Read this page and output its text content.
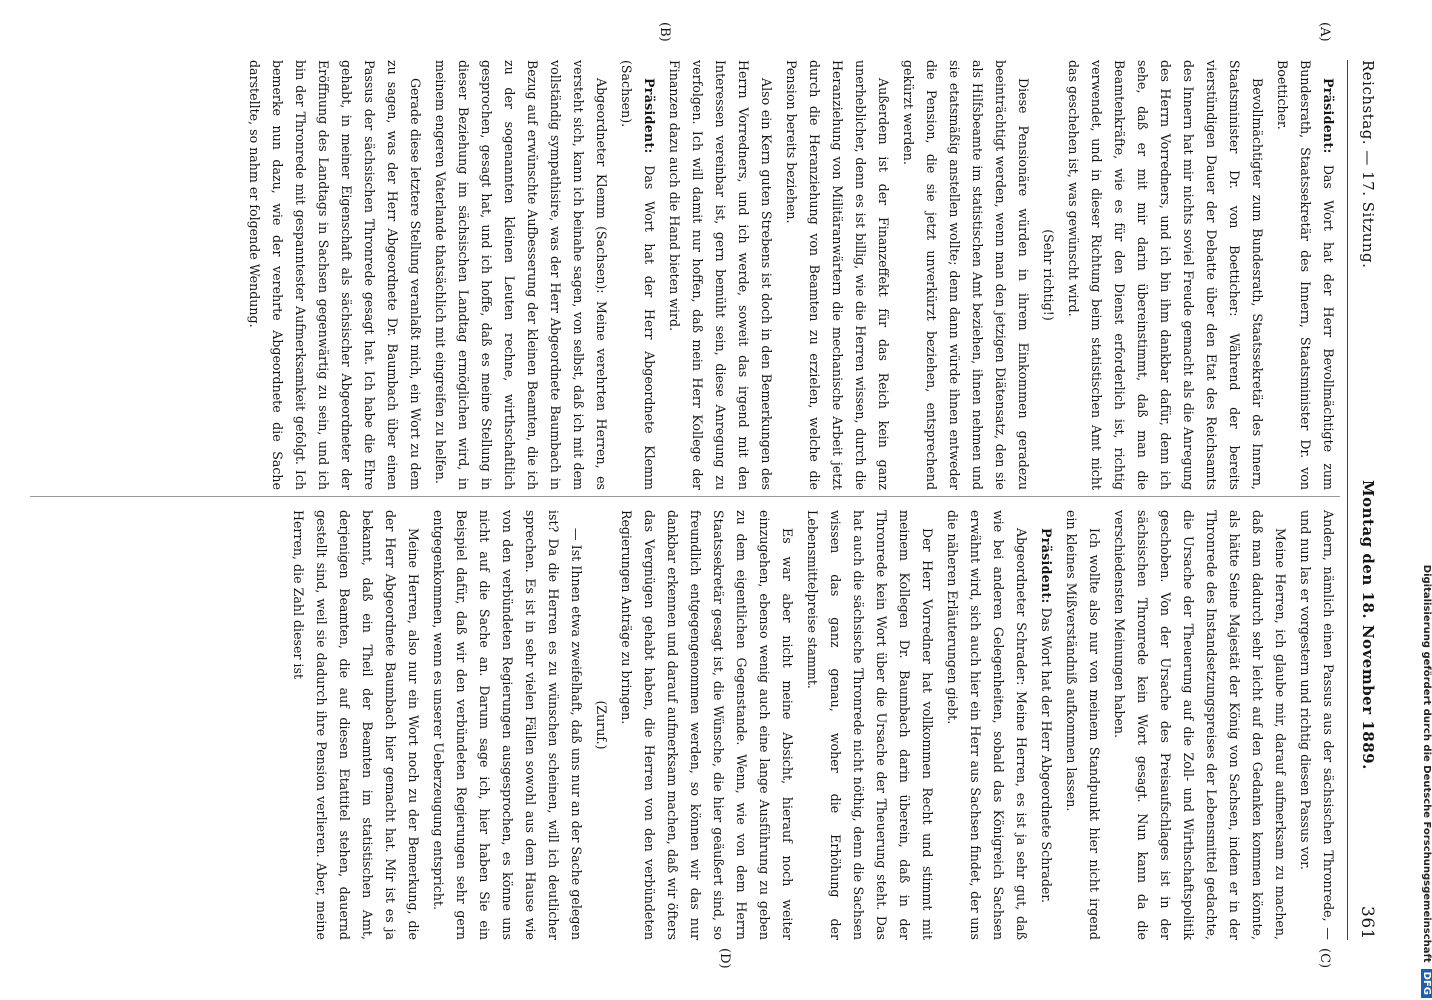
Reichstag. — 17. Sitzung.
Montag den 18. November 1889.
361
(A)
(B)
(C)
(D)

Präsident: Das Wort hat der Herr Bevollmächtigte zum Bundesrath, Staatssekretär des Innern, Staatsminister Dr. von Boetticher.

Bevollmächtigter zum Bundesrath, Staatssekretär des Innern, Staatsminister Dr. von Boetticher: Während der bereits vierstündigen Dauer der Debatte über den Etat des Reichsamts des Innern hat mir nichts soviel Freude gemacht als die Anregung des Herrn Vorredners, und ich bin ihm dankbar dafür, denn ich sehe, daß er mit mir darin übereinstimmt, daß man die Beamtenkräfte, wie es für den Dienst erforderlich ist, richtig verwendet, und in dieser Richtung beim statistischen Amt nicht das geschehen ist, was gewünscht wird.

(Sehr richtig!)

Diese Pensionäre würden in ihrem Einkommen geradezu beeinträchtigt werden, wenn man den jetzigen Diätensatz, den sie als Hilfsbeamte im statistischen Amt beziehen, ihnen nehmen und sie etatsmäßig anstellen wollte; denn dann würde ihnen entweder die Pension, die sie jetzt unverkürzt beziehen, entsprechend gekürzt werden.

Außerdem ist der Finanzeffekt für das Reich kein ganz unerheblicher, denn es ist billig, wie die Herren wissen, durch die Heranziehung von Militäranwärtern die mechanische Arbeit jetzt durch die Heranziehung von Beamten zu erzielen, welche die Pension bereits beziehen.

Also ein Kern guten Strebens ist doch in den Bemerkungen des Herrn Vorredners, und ich werde, soweit das irgend mit den Interessen vereinbar ist, gern bemüht sein, diese Anregung zu verfolgen. Ich will damit nur hoffen, daß mein Herr Kollege der Finanzen dazu auch die Hand bieten wird.

Präsident: Das Wort hat der Herr Abgeordnete Klemm (Sachsen).

Abgeordneter Klemm (Sachsen): Meine verehrten Herren, es versteht sich, kann ich beinahe sagen, von selbst, daß ich mit dem vollständig sympathisire, was der Herr Abgeordnete Baumbach in Bezug auf erwünschte Aufbesserung der kleinen Beamten, die ich zu der sogenannten kleinen Leuten rechne, wirthschaftlich gesprochen, gesagt hat, und ich hoffe, daß es meine Stellung in dieser Beziehung im sächsischen Landtag ermöglichen wird, in meinem engeren Vaterlande thatsächlich mit eingreifen zu helfen.

Gerade diese letztere Stellung veranlaßt mich, ein Wort zu dem zu sagen, was der Herr Abgeordnete Dr. Baumbach über einen Passus der sächsischen Thronrede gesagt hat. Ich habe die Ehre gehabt, in meiner Eigenschaft als sächsischer Abgeordneter der Eröffnung des Landtags in Sachsen gegenwärtig zu sein, und ich bin der Thronrede mit gespanntester Aufmerksamkeit gefolgt. Ich bemerke nun dazu, wie der verehrte Abgeordnete die Sache darstellte, so nahm er folgende Wendung.

Andern, nämlich einen Passus aus der sächsischen Thronrede, — und nun las er vorgestern und richtig diesen Passus vor.

Meine Herren, ich glaube mir, darauf aufmerksam zu machen, daß man dadurch sehr leicht auf den Gedanken kommen könnte, als hätte Seine Majestät der König von Sachsen, indem er in der Thronrede des Instandsetzungspreises der Lebensmittel gedachte, die Ursache der Theuerung auf die Zoll- und Wirthschaftspolitik geschoben. Von der Ursache des Preisaufschlages ist in der sächsischen Thronrede kein Wort gesagt. Nun kann da die verschiedensten Meinungen haben.

Ich wollte also nur von meinem Standpunkt hier nicht irgend ein kleines Mißverständniß aufkommen lassen.

Präsident: Das Wort hat der Herr Abgeordnete Schrader.

Abgeordneter Schrader: Meine Herren, es ist ja sehr gut, daß wie bei anderen Gelegenheiten, sobald das Königreich Sachsen erwähnt wird, sich auch hier ein Herr aus Sachsen findet, der uns die näheren Erläuterungen giebt.

Der Herr Vorredner hat vollkommen Recht und stimmt mit meinem Kollegen Dr. Baumbach darin überein, daß in der Thronrede kein Wort über die Ursache der Theuerung steht. Das hat auch die sächsische Thronrede nicht nöthig, denn die Sachsen wissen das ganz genau, woher die Erhöhung der Lebensmittelpreise stammt.

Es war aber nicht meine Absicht, hierauf noch weiter einzugehen, ebenso wenig auch eine lange Ausführung zu geben zu dem eigentlichen Gegenstande. Wenn, wie von dem Herrn Staatssekretär gesagt ist, die Wünsche, die hier geäußert sind, so freundlich entgegengenommen werden, so können wir das nur dankbar erkennen und darauf aufmerksam machen, daß wir öfters das Vergnügen gehabt haben, die Herren von den verbündeten Regierungen Anträge zu bringen.

(Zuruf.)

— Ist Ihnen etwa zweifelhaft, daß uns nur an der Sache gelegen ist? Da die Herren es zu wünschen scheinen, will ich deutlicher sprechen. Es ist in sehr vielen Fällen sowohl aus dem Hause wie von den verbündeten Regierungen ausgesprochen, es könne uns nicht auf die Sache an. Darum sage ich, hier haben Sie ein Beispiel dafür, daß wir den verbündeten Regierungen sehr gern entgegenkommen, wenn es unserer Ueberzeugung entspricht.

Meine Herren, also nur ein Wort noch zu der Bemerkung, die der Herr Abgeordnete Baumbach hier gemacht hat. Mir ist es ja bekannt, daß ein Theil der Beamten im statistischen Amt, derjenigen Beamten, die auf diesen Etattitel stehen, dauernd gestellt sind, weil sie dadurch ihre Pension verlieren. Aber, meine Herren, die Zahl dieser ist	Digitalisierung gefördert durch die Deutsche ForschungsgemeinschaftDFG
